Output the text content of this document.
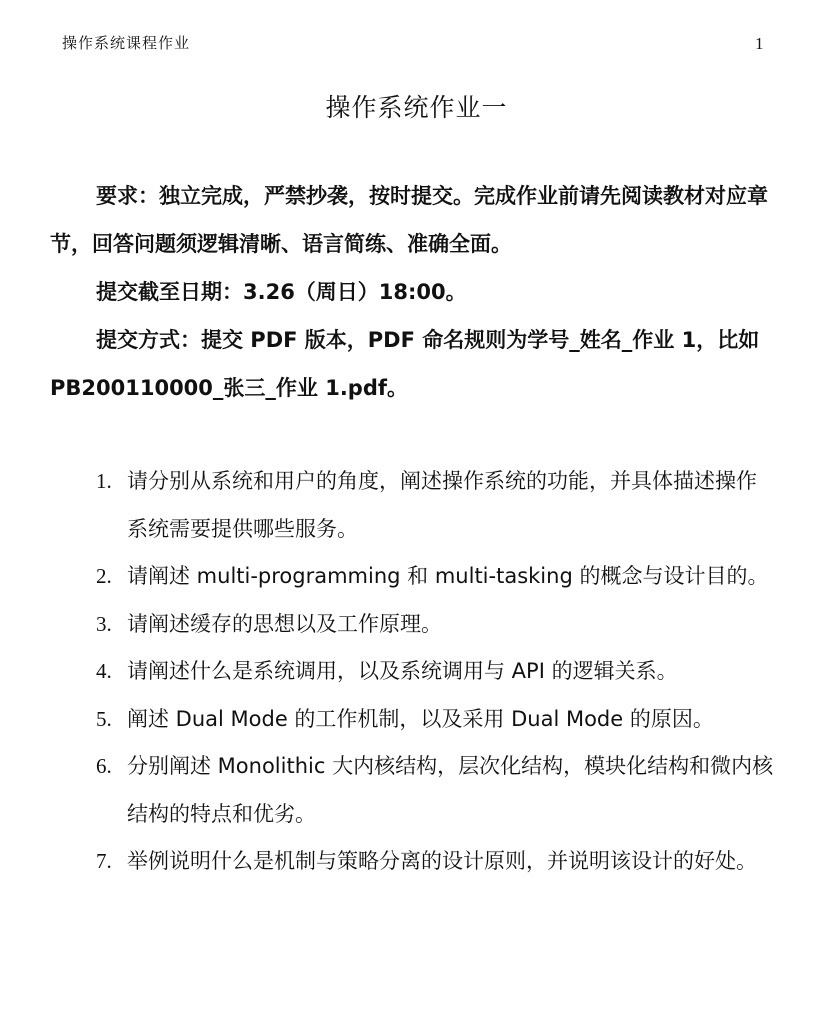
操作系统课程作业	1
操作系统作业一

要求：独立完成，严禁抄袭，按时提交。完成作业前请先阅读教材对应章节，回答问题须逻辑清晰、语言简练、准确全面。

提交截至日期：3.26（周日）18:00。

提交方式：提交 PDF 版本，PDF 命名规则为学号_姓名_作业 1，比如 PB200110000_张三_作业 1.pdf。

1. 请分别从系统和用户的角度，阐述操作系统的功能，并具体描述操作系统需要提供哪些服务。
2. 请阐述 multi-programming 和 multi-tasking 的概念与设计目的。
3. 请阐述缓存的思想以及工作原理。
4. 请阐述什么是系统调用，以及系统调用与 API 的逻辑关系。
5. 阐述 Dual Mode 的工作机制，以及采用 Dual Mode 的原因。
6. 分别阐述 Monolithic 大内核结构，层次化结构，模块化结构和微内核结构的特点和优劣。
7. 举例说明什么是机制与策略分离的设计原则，并说明该设计的好处。
